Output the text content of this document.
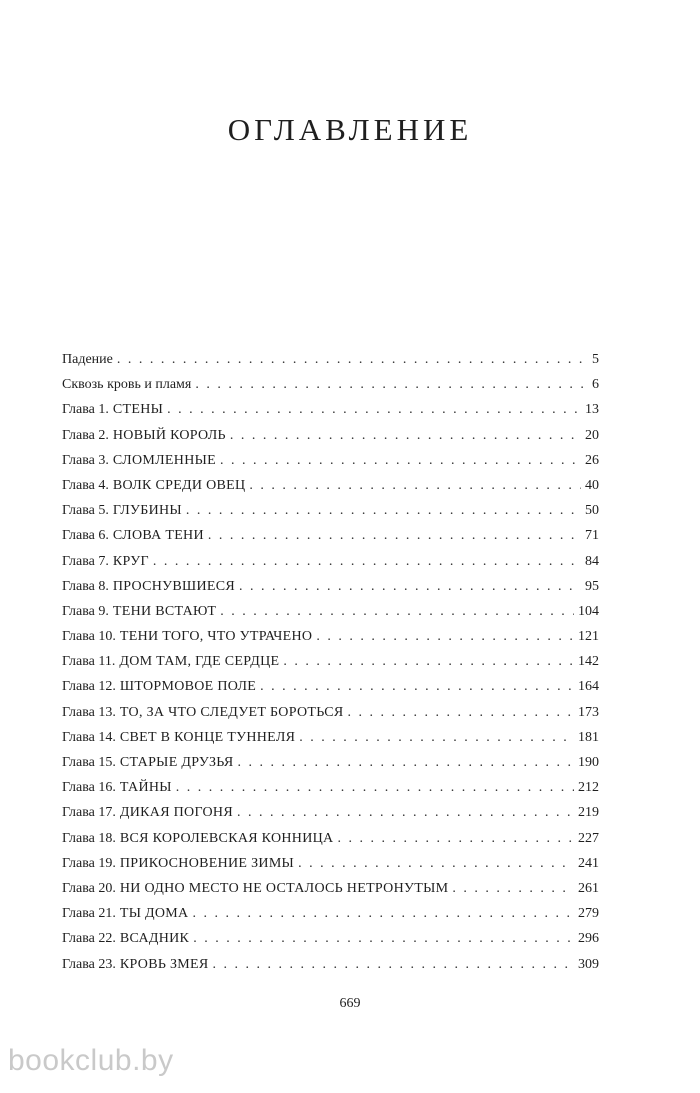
ОГЛАВЛЕНИЕ
Падение . . .	5
Сквозь кровь и пламя . . .	6
Глава 1. СТЕНЫ . . .	13
Глава 2. НОВЫЙ КОРОЛЬ . . .	20
Глава 3. СЛОМЛЕННЫЕ . . .	26
Глава 4. ВОЛК СРЕДИ ОВЕЦ . . .	40
Глава 5. ГЛУБИНЫ . . .	50
Глава 6. СЛОВА ТЕНИ . . .	71
Глава 7. КРУГ . . .	84
Глава 8. ПРОСНУВШИЕСЯ . . .	95
Глава 9. ТЕНИ ВСТАЮТ . . .	104
Глава 10. ТЕНИ ТОГО, ЧТО УТРАЧЕНО . . .	121
Глава 11. ДОМ ТАМ, ГДЕ СЕРДЦЕ . . .	142
Глава 12. ШТОРМОВОЕ ПОЛЕ . . .	164
Глава 13. ТО, ЗА ЧТО СЛЕДУЕТ БОРОТЬСЯ . . .	173
Глава 14. СВЕТ В КОНЦЕ ТУННЕЛЯ . . .	181
Глава 15. СТАРЫЕ ДРУЗЬЯ . . .	190
Глава 16. ТАЙНЫ . . .	212
Глава 17. ДИКАЯ ПОГОНЯ . . .	219
Глава 18. ВСЯ КОРОЛЕВСКАЯ КОННИЦА . . .	227
Глава 19. ПРИКОСНОВЕНИЕ ЗИМЫ . . .	241
Глава 20. НИ ОДНО МЕСТО НЕ ОСТАЛОСЬ НЕТРОНУТЫМ . . .	261
Глава 21. ТЫ ДОМА . . .	279
Глава 22. ВСАДНИК . . .	296
Глава 23. КРОВЬ ЗМЕЯ . . .	309
669
bookclub.by
